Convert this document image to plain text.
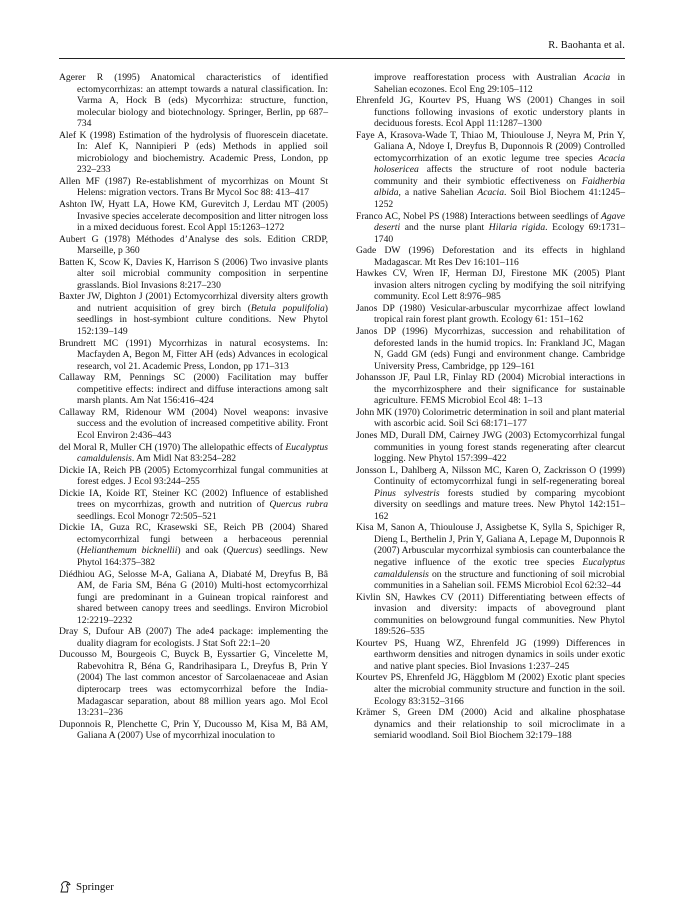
R. Baohanta et al.

Agerer R (1995) Anatomical characteristics of identified ectomycorrhizas: an attempt towards a natural classification. In: Varma A, Hock B (eds) Mycorrhiza: structure, function, molecular biology and biotechnology. Springer, Berlin, pp 687–734

Alef K (1998) Estimation of the hydrolysis of fluorescein diacetate. In: Alef K, Nannipieri P (eds) Methods in applied soil microbiology and biochemistry. Academic Press, London, pp 232–233

Allen MF (1987) Re-establishment of mycorrhizas on Mount St Helens: migration vectors. Trans Br Mycol Soc 88: 413–417

Ashton IW, Hyatt LA, Howe KM, Gurevitch J, Lerdau MT (2005) Invasive species accelerate decomposition and litter nitrogen loss in a mixed deciduous forest. Ecol Appl 15:1263–1272

Aubert G (1978) Méthodes d’Analyse des sols. Edition CRDP, Marseille, p 360

Batten K, Scow K, Davies K, Harrison S (2006) Two invasive plants alter soil microbial community composition in serpentine grasslands. Biol Invasions 8:217–230

Baxter JW, Dighton J (2001) Ectomycorrhizal diversity alters growth and nutrient acquisition of grey birch (Betula populifolia) seedlings in host-symbiont culture conditions. New Phytol 152:139–149

Brundrett MC (1991) Mycorrhizas in natural ecosystems. In: Macfayden A, Begon M, Fitter AH (eds) Advances in ecological research, vol 21. Academic Press, London, pp 171–313

Callaway RM, Pennings SC (2000) Facilitation may buffer competitive effects: indirect and diffuse interactions among salt marsh plants. Am Nat 156:416–424

Callaway RM, Ridenour WM (2004) Novel weapons: invasive success and the evolution of increased competitive ability. Front Ecol Environ 2:436–443

del Moral R, Muller CH (1970) The allelopathic effects of Eucalyptus camaldulensis. Am Midl Nat 83:254–282

Dickie IA, Reich PB (2005) Ectomycorrhizal fungal communities at forest edges. J Ecol 93:244–255

Dickie IA, Koide RT, Steiner KC (2002) Influence of established trees on mycorrhizas, growth and nutrition of Quercus rubra seedlings. Ecol Monogr 72:505–521

Dickie IA, Guza RC, Krasewski SE, Reich PB (2004) Shared ectomycorrhizal fungi between a herbaceous perennial (Helianthemum bicknellii) and oak (Quercus) seedlings. New Phytol 164:375–382

Diédhiou AG, Selosse M-A, Galiana A, Diabaté M, Dreyfus B, Bâ AM, de Faria SM, Béna G (2010) Multi-host ectomycorrhizal fungi are predominant in a Guinean tropical rainforest and shared between canopy trees and seedlings. Environ Microbiol 12:2219–2232

Dray S, Dufour AB (2007) The ade4 package: implementing the duality diagram for ecologists. J Stat Soft 22:1–20

Ducousso M, Bourgeois C, Buyck B, Eyssartier G, Vincelette M, Rabevohitra R, Béna G, Randrihasipara L, Dreyfus B, Prin Y (2004) The last common ancestor of Sarcolaenaceae and Asian dipterocarp trees was ectomycorrhizal before the India-Madagascar separation, about 88 million years ago. Mol Ecol 13:231–236

Duponnois R, Plenchette C, Prin Y, Ducousso M, Kisa M, Bâ AM, Galiana A (2007) Use of mycorrhizal inoculation to

improve reafforestation process with Australian Acacia in Sahelian ecozones. Ecol Eng 29:105–112

Ehrenfeld JG, Kourtev PS, Huang WS (2001) Changes in soil functions following invasions of exotic understory plants in deciduous forests. Ecol Appl 11:1287–1300

Faye A, Krasova-Wade T, Thiao M, Thioulouse J, Neyra M, Prin Y, Galiana A, Ndoye I, Dreyfus B, Duponnois R (2009) Controlled ectomycorrhization of an exotic legume tree species Acacia holosericea affects the structure of root nodule bacteria community and their symbiotic effectiveness on Faidherbia albida, a native Sahelian Acacia. Soil Biol Biochem 41:1245–1252

Franco AC, Nobel PS (1988) Interactions between seedlings of Agave deserti and the nurse plant Hilaria rigida. Ecology 69:1731–1740

Gade DW (1996) Deforestation and its effects in highland Madagascar. Mt Res Dev 16:101–116

Hawkes CV, Wren IF, Herman DJ, Firestone MK (2005) Plant invasion alters nitrogen cycling by modifying the soil nitrifying community. Ecol Lett 8:976–985

Janos DP (1980) Vesicular-arbuscular mycorrhizae affect lowland tropical rain forest plant growth. Ecology 61: 151–162

Janos DP (1996) Mycorrhizas, succession and rehabilitation of deforested lands in the humid tropics. In: Frankland JC, Magan N, Gadd GM (eds) Fungi and environment change. Cambridge University Press, Cambridge, pp 129–161

Johansson JF, Paul LR, Finlay RD (2004) Microbial interactions in the mycorrhizosphere and their significance for sustainable agriculture. FEMS Microbiol Ecol 48: 1–13

John MK (1970) Colorimetric determination in soil and plant material with ascorbic acid. Soil Sci 68:171–177

Jones MD, Durall DM, Cairney JWG (2003) Ectomycorrhizal fungal communities in young forest stands regenerating after clearcut logging. New Phytol 157:399–422

Jonsson L, Dahlberg A, Nilsson MC, Karen O, Zackrisson O (1999) Continuity of ectomycorrhizal fungi in self-regenerating boreal Pinus sylvestris forests studied by comparing mycobiont diversity on seedlings and mature trees. New Phytol 142:151–162

Kisa M, Sanon A, Thioulouse J, Assigbetse K, Sylla S, Spichiger R, Dieng L, Berthelin J, Prin Y, Galiana A, Lepage M, Duponnois R (2007) Arbuscular mycorrhizal symbiosis can counterbalance the negative influence of the exotic tree species Eucalyptus camaldulensis on the structure and functioning of soil microbial communities in a Sahelian soil. FEMS Microbiol Ecol 62:32–44

Kivlin SN, Hawkes CV (2011) Differentiating between effects of invasion and diversity: impacts of aboveground plant communities on belowground fungal communities. New Phytol 189:526–535

Kourtev PS, Huang WZ, Ehrenfeld JG (1999) Differences in earthworm densities and nitrogen dynamics in soils under exotic and native plant species. Biol Invasions 1:237–245

Kourtev PS, Ehrenfeld JG, Häggblom M (2002) Exotic plant species alter the microbial community structure and function in the soil. Ecology 83:3152–3166

Krämer S, Green DM (2000) Acid and alkaline phosphatase dynamics and their relationship to soil microclimate in a semiarid woodland. Soil Biol Biochem 32:179–188

Springer
